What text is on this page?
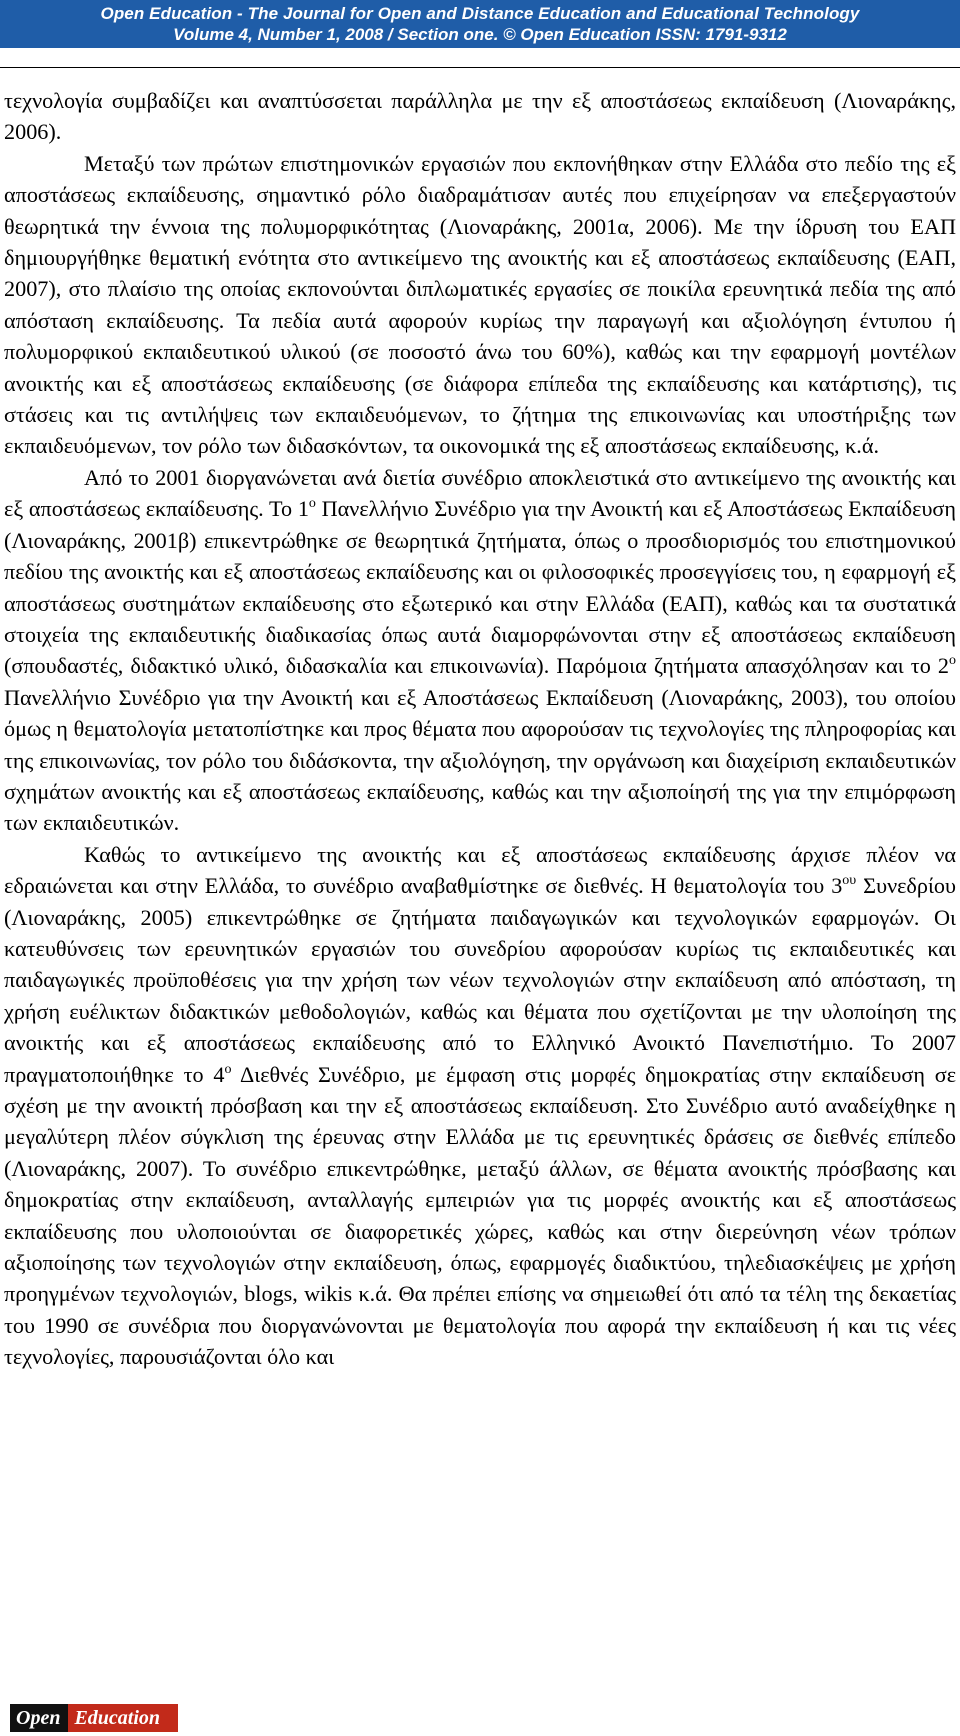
Open Education - The Journal for Open and Distance Education and Educational Technology
Volume 4, Number 1, 2008 / Section one. © Open Education ISSN: 1791-9312

τεχνολογία συμβαδίζει και αναπτύσσεται παράλληλα με την εξ αποστάσεως εκπαίδευση (Λιοναράκης, 2006).

Μεταξύ των πρώτων επιστημονικών εργασιών που εκπονήθηκαν στην Ελλάδα στο πεδίο της εξ αποστάσεως εκπαίδευσης, σημαντικό ρόλο διαδραμάτισαν αυτές που επιχείρησαν να επεξεργαστούν θεωρητικά την έννοια της πολυμορφικότητας (Λιοναράκης, 2001α, 2006). Με την ίδρυση του ΕΑΠ δημιουργήθηκε θεματική ενότητα στο αντικείμενο της ανοικτής και εξ αποστάσεως εκπαίδευσης (ΕΑΠ, 2007), στο πλαίσιο της οποίας εκπονούνται διπλωματικές εργασίες σε ποικίλα ερευνητικά πεδία της από απόσταση εκπαίδευσης. Τα πεδία αυτά αφορούν κυρίως την παραγωγή και αξιολόγηση έντυπου ή πολυμορφικού εκπαιδευτικού υλικού (σε ποσοστό άνω του 60%), καθώς και την εφαρμογή μοντέλων ανοικτής και εξ αποστάσεως εκπαίδευσης (σε διάφορα επίπεδα της εκπαίδευσης και κατάρτισης), τις στάσεις και τις αντιλήψεις των εκπαιδευόμενων, το ζήτημα της επικοινωνίας και υποστήριξης των εκπαιδευόμενων, τον ρόλο των διδασκόντων, τα οικονομικά της εξ αποστάσεως εκπαίδευσης, κ.ά.

Από το 2001 διοργανώνεται ανά διετία συνέδριο αποκλειστικά στο αντικείμενο της ανοικτής και εξ αποστάσεως εκπαίδευσης. Το $1^o$ Πανελλήνιο Συνέδριο για την Ανοικτή και εξ Αποστάσεως Εκπαίδευση (Λιοναράκης, 2001β) επικεντρώθηκε σε θεωρητικά ζητήματα, όπως ο προσδιορισμός του επιστημονικού πεδίου της ανοικτής και εξ αποστάσεως εκπαίδευσης και οι φιλοσοφικές προσεγγίσεις του, η εφαρμογή εξ αποστάσεως συστημάτων εκπαίδευσης στο εξωτερικό και στην Ελλάδα (ΕΑΠ), καθώς και τα συστατικά στοιχεία της εκπαιδευτικής διαδικασίας όπως αυτά διαμορφώνονται στην εξ αποστάσεως εκπαίδευση (σπουδαστές, διδακτικό υλικό, διδασκαλία και επικοινωνία). Παρόμοια ζητήματα απασχόλησαν και το $2^o$ Πανελλήνιο Συνέδριο για την Ανοικτή και εξ Αποστάσεως Εκπαίδευση (Λιοναράκης, 2003), του οποίου όμως η θεματολογία μετατοπίστηκε και προς θέματα που αφορούσαν τις τεχνολογίες της πληροφορίας και της επικοινωνίας, τον ρόλο του διδάσκοντα, την αξιολόγηση, την οργάνωση και διαχείριση εκπαιδευτικών σχημάτων ανοικτής και εξ αποστάσεως εκπαίδευσης, καθώς και την αξιοποίησή της για την επιμόρφωση των εκπαιδευτικών.

Καθώς το αντικείμενο της ανοικτής και εξ αποστάσεως εκπαίδευσης άρχισε πλέον να εδραιώνεται και στην Ελλάδα, το συνέδριο αναβαθμίστηκε σε διεθνές. Η θεματολογία του $3^{o\upsilon}$ Συνεδρίου (Λιοναράκης, 2005) επικεντρώθηκε σε ζητήματα παιδαγωγικών και τεχνολογικών εφαρμογών. Οι κατευθύνσεις των ερευνητικών εργασιών του συνεδρίου αφορούσαν κυρίως τις εκπαιδευτικές και παιδαγωγικές προϋποθέσεις για την χρήση των νέων τεχνολογιών στην εκπαίδευση από απόσταση, τη χρήση ευέλικτων διδακτικών μεθοδολογιών, καθώς και θέματα που σχετίζονται με την υλοποίηση της ανοικτής και εξ αποστάσεως εκπαίδευσης από το Ελληνικό Ανοικτό Πανεπιστήμιο. Το 2007 πραγματοποιήθηκε το $4^o$ Διεθνές Συνέδριο, με έμφαση στις μορφές δημοκρατίας στην εκπαίδευση σε σχέση με την ανοικτή πρόσβαση και την εξ αποστάσεως εκπαίδευση. Στο Συνέδριο αυτό αναδείχθηκε η μεγαλύτερη πλέον σύγκλιση της έρευνας στην Ελλάδα με τις ερευνητικές δράσεις σε διεθνές επίπεδο (Λιοναράκης, 2007). Το συνέδριο επικεντρώθηκε, μεταξύ άλλων, σε θέματα ανοικτής πρόσβασης και δημοκρατίας στην εκπαίδευση, ανταλλαγής εμπειριών για τις μορφές ανοικτής και εξ αποστάσεως εκπαίδευσης που υλοποιούνται σε διαφορετικές χώρες, καθώς και στην διερεύνηση νέων τρόπων αξιοποίησης των τεχνολογιών στην εκπαίδευση, όπως, εφαρμογές διαδικτύου, τηλεδιασκέψεις με χρήση προηγμένων τεχνολογιών, blogs, wikis κ.ά. Θα πρέπει επίσης να σημειωθεί ότι από τα τέλη της δεκαετίας του 1990 σε συνέδρια που διοργανώνονται με θεματολογία που αφορά την εκπαίδευση ή και τις νέες τεχνολογίες, παρουσιάζονται όλο και

Open Education
